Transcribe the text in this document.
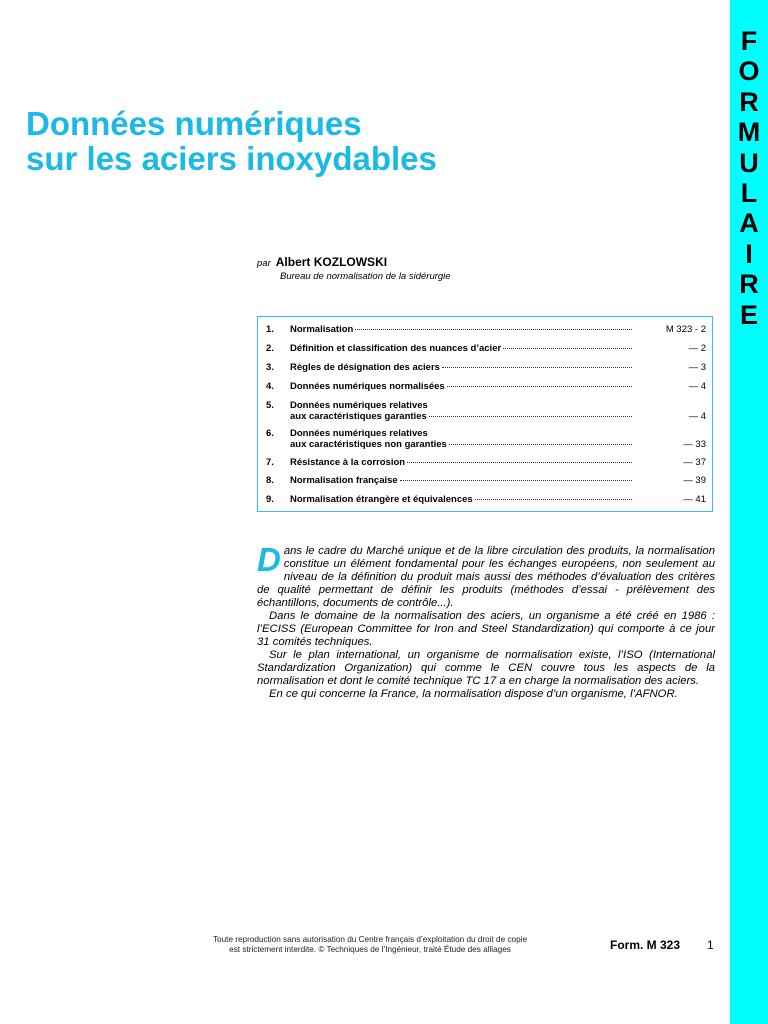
F
O
R
M
U
L
A
I
R
E
Données numériques
sur les aciers inoxydables
par Albert KOZLOWSKI
Bureau de normalisation de la sidérurgie
1. Normalisation	M 323 - 2
2. Définition et classification des nuances d’acier	— 2
3. Règles de désignation des aciers	— 3
4. Données numériques normalisées	— 4
5. Données numériques relatives
aux caractéristiques garanties	— 4
6. Données numériques relatives
aux caractéristiques non garanties	— 33
7. Résistance à la corrosion	— 37
8. Normalisation française	— 39
9. Normalisation étrangère et équivalences	— 41

Dans le cadre du Marché unique et de la libre circulation des produits, la normalisation constitue un élément fondamental pour les échanges européens, non seulement au niveau de la définition du produit mais aussi des méthodes d’évaluation des critères de qualité permettant de définir les produits (méthodes d’essai - prélèvement des échantillons, documents de contrôle...).

Dans le domaine de la normalisation des aciers, un organisme a été créé en 1986 : l’ECISS (European Committee for Iron and Steel Standardization) qui comporte à ce jour 31 comités techniques.

Sur le plan international, un organisme de normalisation existe, l’ISO (International Standardization Organization) qui comme le CEN couvre tous les aspects de la normalisation et dont le comité technique TC 17 a en charge la normalisation des aciers.

En ce qui concerne la France, la normalisation dispose d’un organisme, l’AFNOR.

Toute reproduction sans autorisation du Centre français d’exploitation du droit de copie
est strictement interdite. © Techniques de l’Ingénieur, traité Étude des alliages	Form. M 323 1
